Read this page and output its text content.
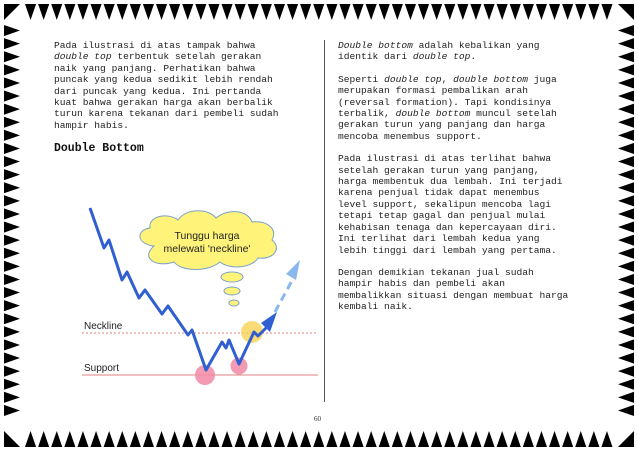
Pada ilustrasi di atas tampak bahwa
double top terbentuk setelah gerakan
naik yang panjang. Perhatikan bahwa
puncak yang kedua sedikit lebih rendah
dari puncak yang kedua. Ini pertanda
kuat bahwa gerakan harga akan berbalik
turun karena tekanan dari pembeli sudah
hampir habis.

Double Bottom

Double bottom adalah kebalikan yang
identik dari double top.

Seperti double top, double bottom juga
merupakan formasi pembalikan arah
(reversal formation). Tapi kondisinya
terbalik, double bottom muncul setelah
gerakan turun yang panjang dan harga
mencoba menembus support.

Pada ilustrasi di atas terlihat bahwa
setelah gerakan turun yang panjang,
harga membentuk dua lembah. Ini terjadi
karena penjual tidak dapat menembus
level support, sekalipun mencoba lagi
tetapi tetap gagal dan penjual mulai
kehabisan tenaga dan kepercayaan diri.
Ini terlihat dari lembah kedua yang
lebih tinggi dari lembah yang pertama.

Dengan demikian tekanan jual sudah
hampir habis dan pembeli akan
membalikkan situasi dengan membuat harga
kembali naik.

Neckline
Support
Tunggu harga
melewati 'neckline'
60
